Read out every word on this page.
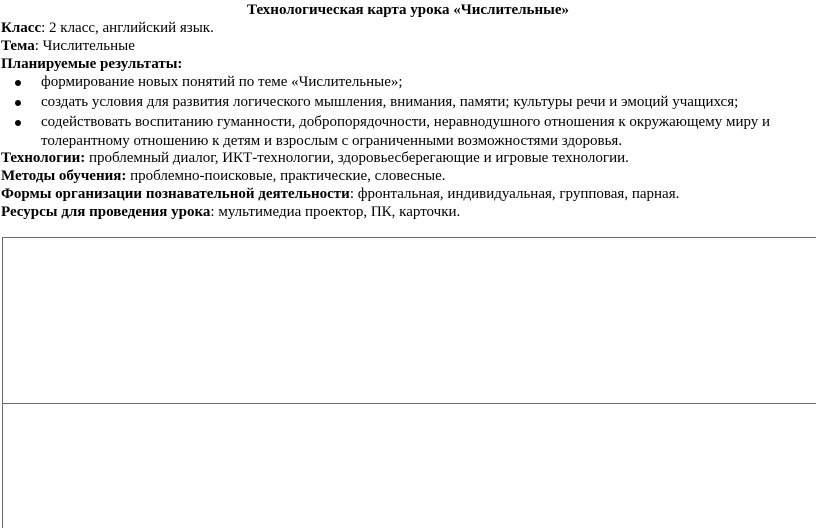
Технологическая карта урока «Числительные»
Класс: 2 класс, английский язык.
Тема: Числительные
Планируемые результаты:
формирование новых понятий по теме «Числительные»;
создать условия для развития логического мышления, внимания, памяти; культуры речи и эмоций учащихся;
содействовать воспитанию гуманности, добропорядочности, неравнодушного отношения к окружающему миру и
толерантному отношению к детям и взрослым с ограниченными возможностями здоровья.
Технологии: проблемный диалог, ИКТ-технологии, здоровьесберегающие и игровые технологии.
Методы обучения: проблемно-поисковые, практические, словесные.
Формы организации познавательной деятельности: фронтальная, индивидуальная, групповая, парная.
Ресурсы для проведения урока: мультимедиа проектор, ПК, карточки.
